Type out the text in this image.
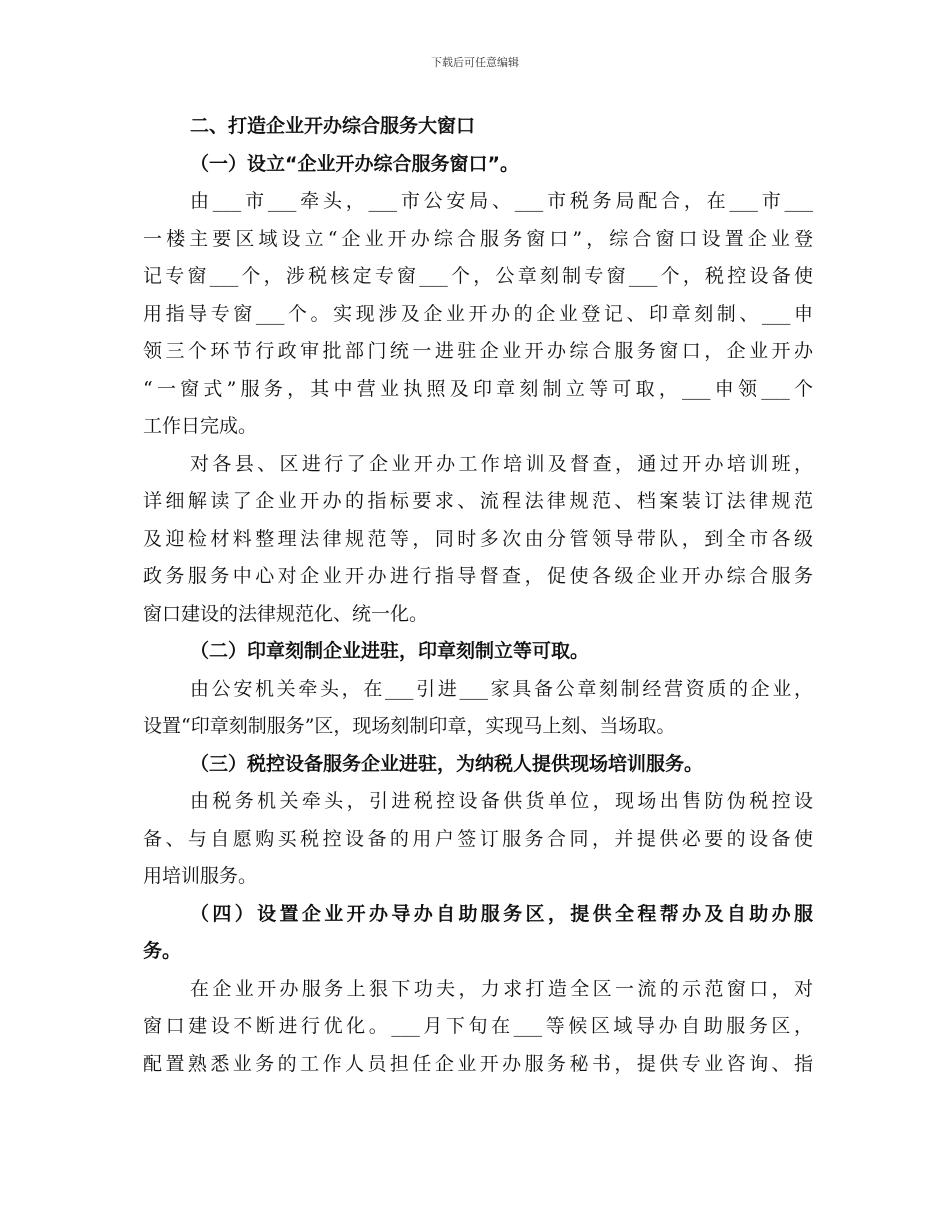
下载后可任意编辑
二、打造企业开办综合服务大窗口
（一）设立“企业开办综合服务窗口”。
由___市___牵头，___市公安局、___市税务局配合，在___市___
一楼主要区域设立“企业开办综合服务窗口”，综合窗口设置企业登
记专窗___个，涉税核定专窗___个，公章刻制专窗___个，税控设备使
用指导专窗___个。实现涉及企业开办的企业登记、印章刻制、___申
领三个环节行政审批部门统一进驻企业开办综合服务窗口，企业开办
“一窗式”服务，其中营业执照及印章刻制立等可取，___申领___个
工作日完成。
对各县、区进行了企业开办工作培训及督查，通过开办培训班，
详细解读了企业开办的指标要求、流程法律规范、档案装订法律规范
及迎检材料整理法律规范等，同时多次由分管领导带队，到全市各级
政务服务中心对企业开办进行指导督查，促使各级企业开办综合服务
窗口建设的法律规范化、统一化。
（二）印章刻制企业进驻，印章刻制立等可取。
由公安机关牵头，在___引进___家具备公章刻制经营资质的企业，
设置“印章刻制服务”区，现场刻制印章，实现马上刻、当场取。
（三）税控设备服务企业进驻，为纳税人提供现场培训服务。
由税务机关牵头，引进税控设备供货单位，现场出售防伪税控设
备、与自愿购买税控设备的用户签订服务合同，并提供必要的设备使
用培训服务。
（四）设置企业开办导办自助服务区，提供全程帮办及自助办服
务。
在企业开办服务上狠下功夫，力求打造全区一流的示范窗口，对
窗口建设不断进行优化。___月下旬在___等候区域导办自助服务区，
配置熟悉业务的工作人员担任企业开办服务秘书，提供专业咨询、指
